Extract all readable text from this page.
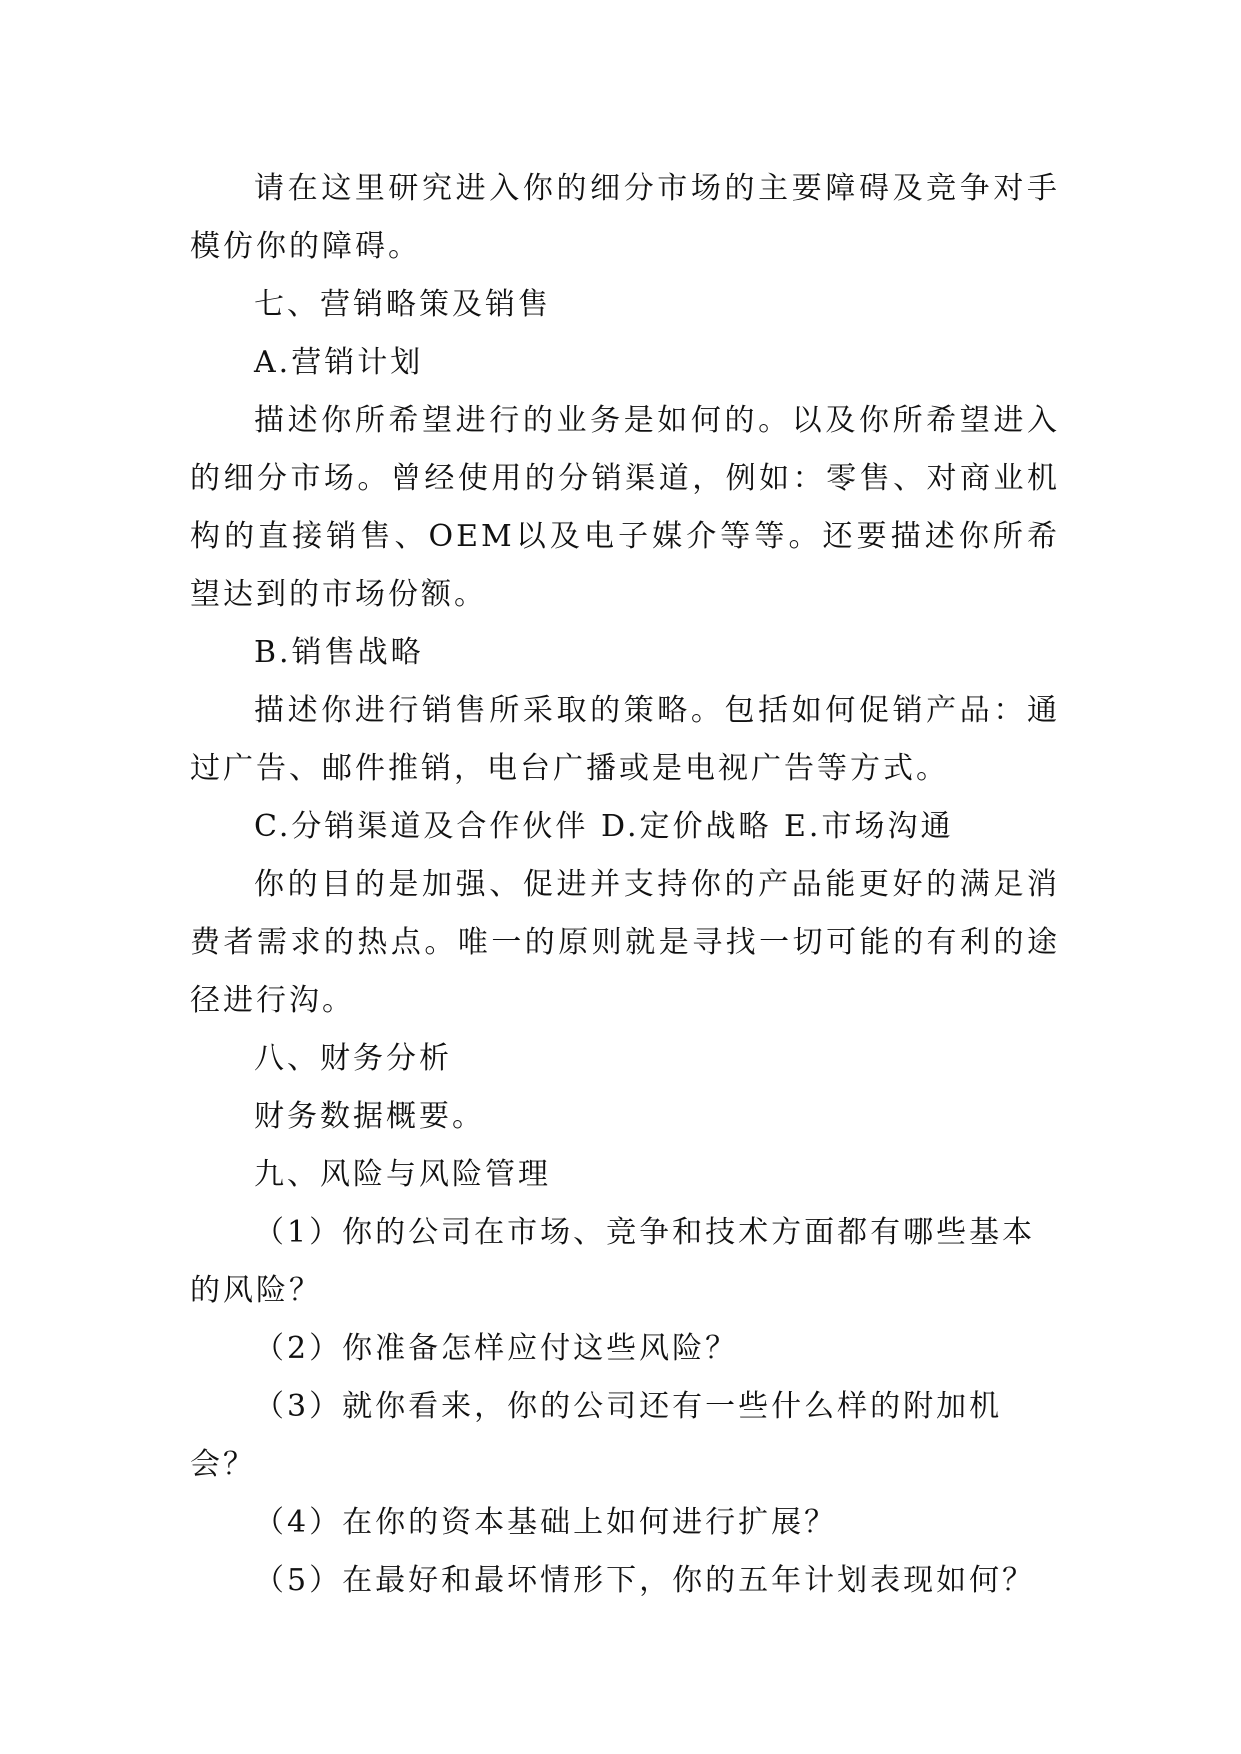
请在这里研究进入你的细分市场的主要障碍及竞争对手模仿你的障碍。

七、营销略策及销售

A.营销计划

描述你所希望进行的业务是如何的。以及你所希望进入的细分市场。曾经使用的分销渠道，例如：零售、对商业机构的直接销售、OEM以及电子媒介等等。还要描述你所希望达到的市场份额。

B.销售战略

描述你进行销售所采取的策略。包括如何促销产品：通过广告、邮件推销，电台广播或是电视广告等方式。

C.分销渠道及合作伙伴 D.定价战略 E.市场沟通

你的目的是加强、促进并支持你的产品能更好的满足消费者需求的热点。唯一的原则就是寻找一切可能的有利的途径进行沟。

八、财务分析

财务数据概要。

九、风险与风险管理

（1）你的公司在市场、竞争和技术方面都有哪些基本的风险？

（2）你准备怎样应付这些风险？

（3）就你看来，你的公司还有一些什么样的附加机会？

（4）在你的资本基础上如何进行扩展？

（5）在最好和最坏情形下，你的五年计划表现如何？
